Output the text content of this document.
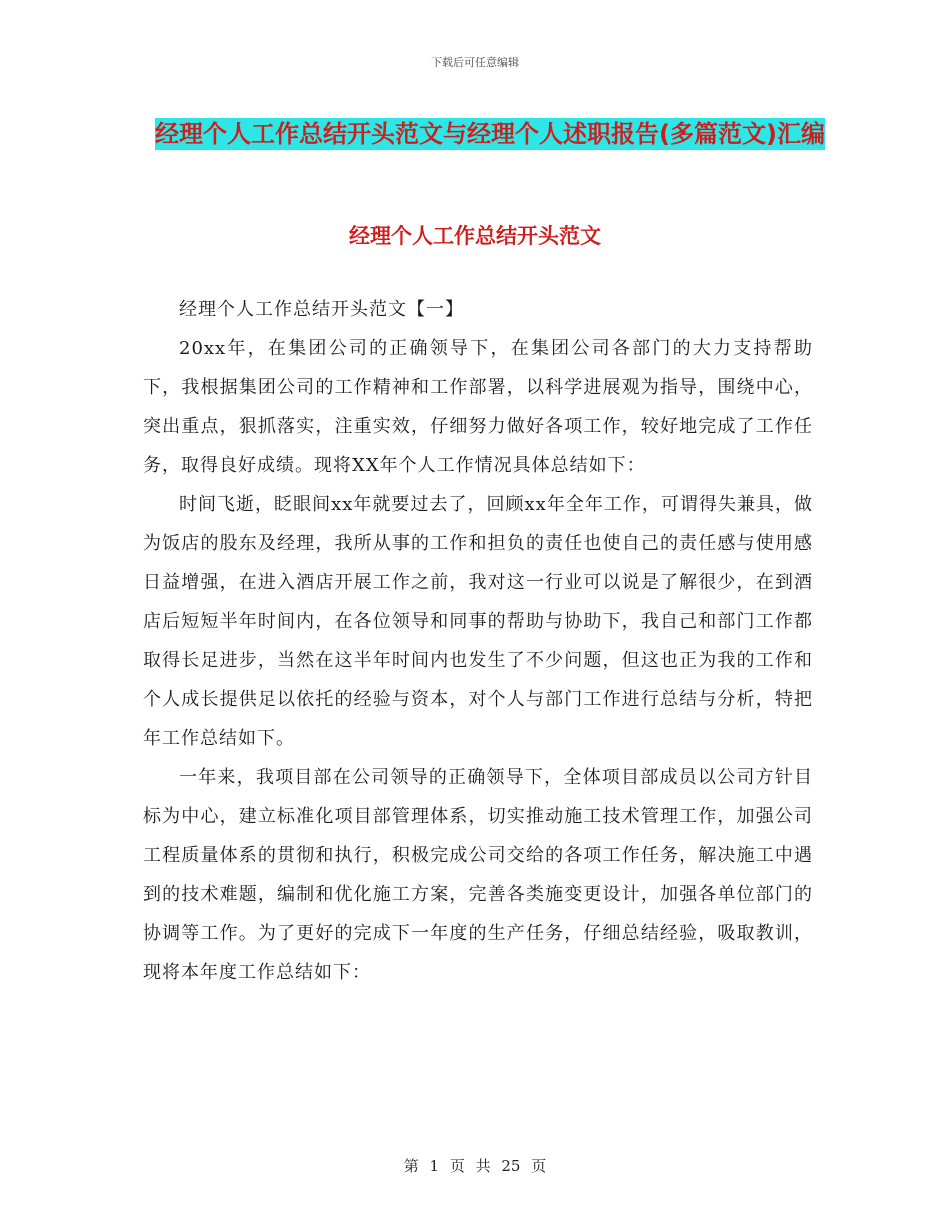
下载后可任意编辑
经理个人工作总结开头范文与经理个人述职报告(多篇范文)汇编
经理个人工作总结开头范文

经理个人工作总结开头范文【一】

20xx年，在集团公司的正确领导下，在集团公司各部门的大力支持帮助下，我根据集团公司的工作精神和工作部署，以科学进展观为指导，围绕中心，突出重点，狠抓落实，注重实效，仔细努力做好各项工作，较好地完成了工作任务，取得良好成绩。现将XX年个人工作情况具体总结如下：

时间飞逝，眨眼间xx年就要过去了，回顾xx年全年工作，可谓得失兼具，做为饭店的股东及经理，我所从事的工作和担负的责任也使自己的责任感与使用感日益增强，在进入酒店开展工作之前，我对这一行业可以说是了解很少，在到酒店后短短半年时间内，在各位领导和同事的帮助与协助下，我自己和部门工作都取得长足进步，当然在这半年时间内也发生了不少问题，但这也正为我的工作和个人成长提供足以依托的经验与资本，对个人与部门工作进行总结与分析，特把年工作总结如下。

一年来，我项目部在公司领导的正确领导下，全体项目部成员以公司方针目标为中心，建立标准化项目部管理体系，切实推动施工技术管理工作，加强公司工程质量体系的贯彻和执行，积极完成公司交给的各项工作任务，解决施工中遇到的技术难题，编制和优化施工方案，完善各类施变更设计，加强各单位部门的协调等工作。为了更好的完成下一年度的生产任务，仔细总结经验，吸取教训，现将本年度工作总结如下：

第 1 页 共 25 页
